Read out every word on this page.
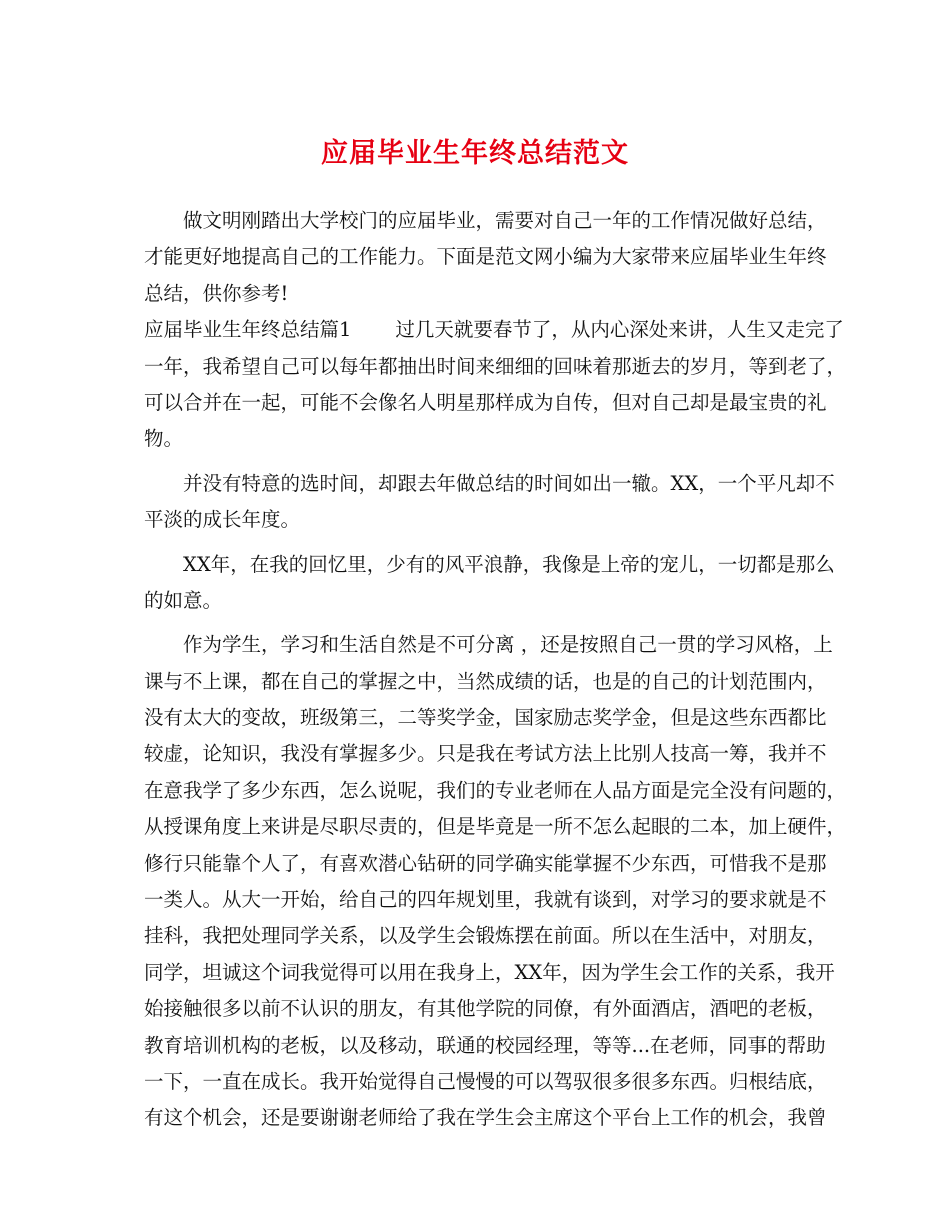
应届毕业生年终总结范文
做文明刚踏出大学校门的应届毕业，需要对自己一年的工作情况做好总结，
才能更好地提高自己的工作能力。下面是范文网小编为大家带来应届毕业生年终
总结，供你参考!
应届毕业生年终总结篇1 过几天就要春节了，从内心深处来讲，人生又走完了
一年，我希望自己可以每年都抽出时间来细细的回味着那逝去的岁月，等到老了，
可以合并在一起，可能不会像名人明星那样成为自传，但对自己却是最宝贵的礼
物。
并没有特意的选时间，却跟去年做总结的时间如出一辙。XX，一个平凡却不
平淡的成长年度。
XX年，在我的回忆里，少有的风平浪静，我像是上帝的宠儿，一切都是那么
的如意。
作为学生，学习和生活自然是不可分离 ，还是按照自己一贯的学习风格，上
课与不上课，都在自己的掌握之中，当然成绩的话，也是的自己的计划范围内，
没有太大的变故，班级第三，二等奖学金，国家励志奖学金，但是这些东西都比
较虚，论知识，我没有掌握多少。只是我在考试方法上比别人技高一筹，我并不
在意我学了多少东西，怎么说呢，我们的专业老师在人品方面是完全没有问题的，
从授课角度上来讲是尽职尽责的，但是毕竟是一所不怎么起眼的二本，加上硬件，
修行只能靠个人了，有喜欢潜心钻研的同学确实能掌握不少东西，可惜我不是那
一类人。从大一开始，给自己的四年规划里，我就有谈到，对学习的要求就是不
挂科，我把处理同学关系，以及学生会锻炼摆在前面。所以在生活中，对朋友，
同学，坦诚这个词我觉得可以用在我身上，XX年，因为学生会工作的关系，我开
始接触很多以前不认识的朋友，有其他学院的同僚，有外面酒店，酒吧的老板，
教育培训机构的老板，以及移动，联通的校园经理，等等...在老师，同事的帮助
一下，一直在成长。我开始觉得自己慢慢的可以驾驭很多很多东西。归根结底，
有这个机会，还是要谢谢老师给了我在学生会主席这个平台上工作的机会，我曾
